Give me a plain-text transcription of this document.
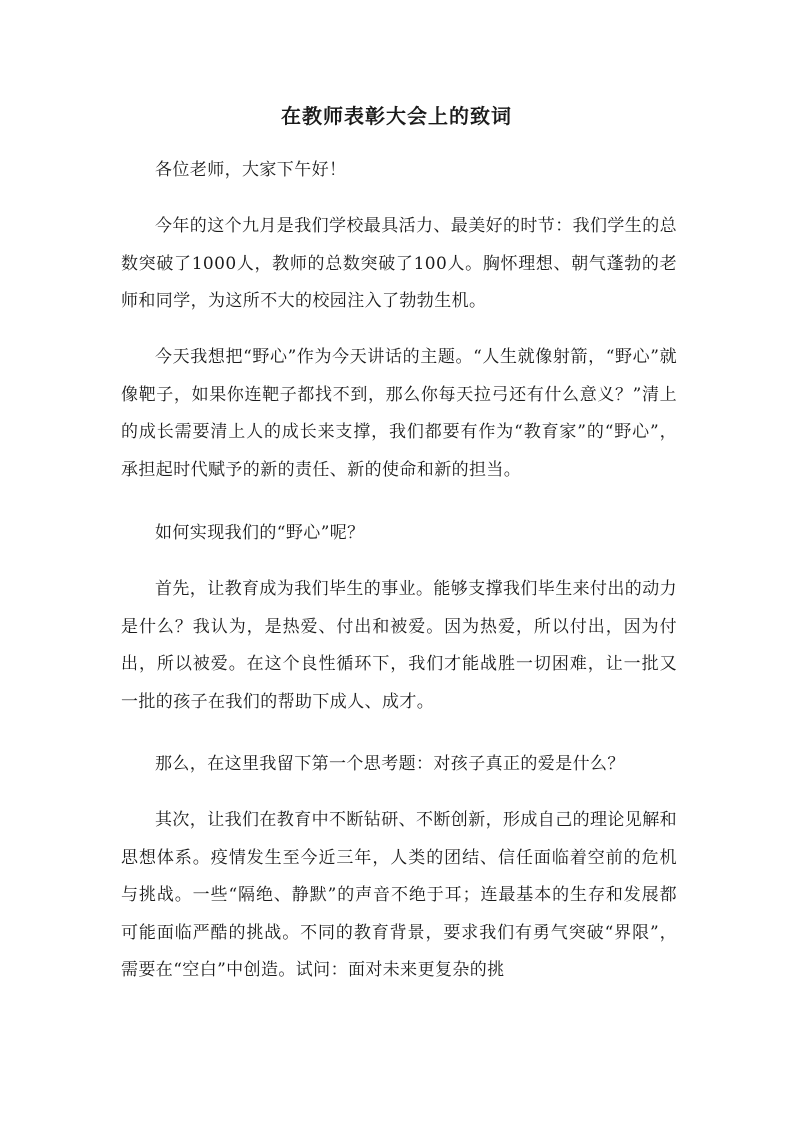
在教师表彰大会上的致词

各位老师，大家下午好！

今年的这个九月是我们学校最具活力、最美好的时节：我们学生的总数突破了1000人，教师的总数突破了100人。胸怀理想、朝气蓬勃的老师和同学，为这所不大的校园注入了勃勃生机。

今天我想把“野心”作为今天讲话的主题。“人生就像射箭，“野心”就像靶子，如果你连靶子都找不到，那么你每天拉弓还有什么意义？”清上的成长需要清上人的成长来支撑，我们都要有作为“教育家”的“野心”，承担起时代赋予的新的责任、新的使命和新的担当。

如何实现我们的“野心”呢？

首先，让教育成为我们毕生的事业。能够支撑我们毕生来付出的动力是什么？我认为，是热爱、付出和被爱。因为热爱，所以付出，因为付出，所以被爱。在这个良性循环下，我们才能战胜一切困难，让一批又一批的孩子在我们的帮助下成人、成才。

那么，在这里我留下第一个思考题：对孩子真正的爱是什么？

其次，让我们在教育中不断钻研、不断创新，形成自己的理论见解和思想体系。疫情发生至今近三年，人类的团结、信任面临着空前的危机与挑战。一些“隔绝、静默”的声音不绝于耳；连最基本的生存和发展都可能面临严酷的挑战。不同的教育背景，要求我们有勇气突破“界限”，需要在“空白”中创造。试问：面对未来更复杂的挑
